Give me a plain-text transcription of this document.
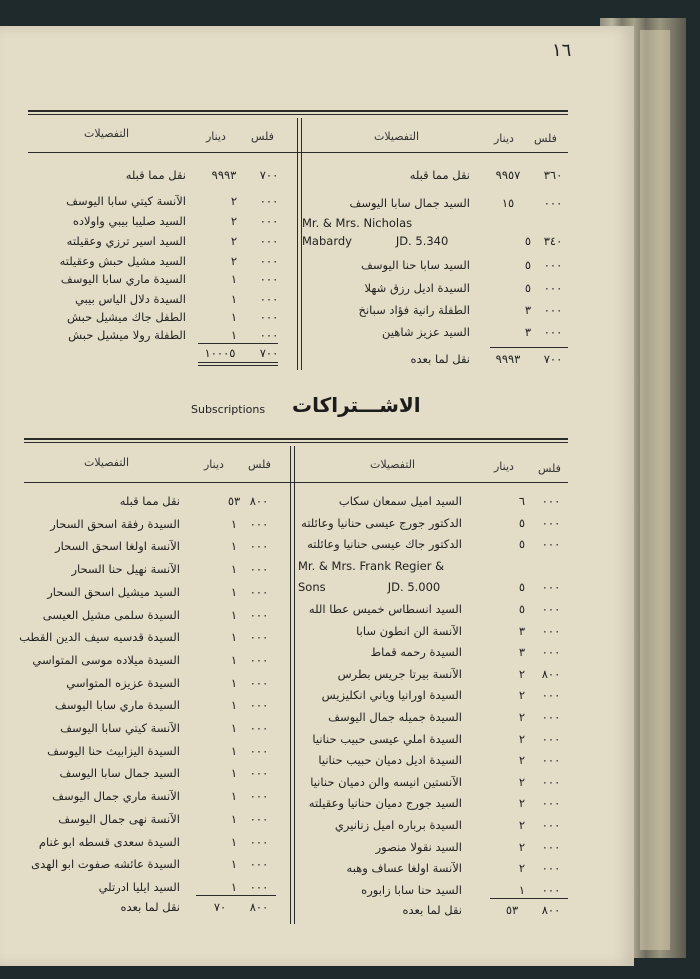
١٦
فلس
دينار
التفصيلات
فلس
دينار
التفصيلات
٣٦٠
٩٩٥٧
نقل مما قبله
٠٠٠
١٥
السيد جمال سابا اليوسف
Mr. & Mrs. Nicholas
٣٤٠
٥
Mabardy            JD. 5.340
٠٠٠
٥
السيد سابا حنا اليوسف
٠٠٠
٥
السيدة اديل رزق شهلا
٠٠٠
٣
الطفلة رانية فؤاد سبانخ
٠٠٠
٣
السيد عزيز شاهين
٧٠٠
٩٩٩٣
نقل لما بعده
٧٠٠
٩٩٩٣
نقل مما قبله
٠٠٠
٢
الآنسة كيتي سابا اليوسف
٠٠٠
٢
السيد صليبا بيبي واولاده
٠٠٠
٢
السيد اسير ترزي وعقيلته
٠٠٠
٢
السيد مشيل حبش وعقيلته
٠٠٠
١
السيدة ماري سابا اليوسف
٠٠٠
١
السيدة دلال الياس بيبي
٠٠٠
١
الطفل جاك ميشيل حبش
٠٠٠
١
الطفلة رولا ميشيل حبش
٧٠٠
١٠٠٠٥
الاشـــتراكات
Subscriptions
فلس
دينار
التفصيلات
فلس
دينار
التفصيلات
٠٠٠
٦
السيد اميل سمعان سكاب
٠٠٠
٥
الدكتور جورج عيسى حنانيا وعائلته
٠٠٠
٥
الدكتور جاك عيسى حنانيا وعائلته
Mr. & Mrs. Frank Regier &
٠٠٠
٥
Sons                 JD. 5.000
٠٠٠
٥
السيد انسطاس خميس عطا الله
٠٠٠
٣
الآنسة الن انطون سابا
٠٠٠
٣
السيدة رحمه قماط
٨٠٠
٢
الآنسة بيرتا جريس بطرس
٠٠٠
٢
السيدة اورانيا وياني انكليزيس
٠٠٠
٢
السيدة جميله جمال اليوسف
٠٠٠
٢
السيدة املي عيسى حبيب حنانيا
٠٠٠
٢
السيدة اديل دميان حبيب حنانيا
٠٠٠
٢
الآنستين انيسه والن دميان حنانيا
٠٠٠
٢
السيد جورج دميان حنانيا وعقيلته
٠٠٠
٢
السيدة برباره اميل زنانيري
٠٠٠
٢
السيد نقولا منصور
٠٠٠
٢
الآنسة اولغا عساف وهبه
٠٠٠
١
السيد حنا سابا زابوره
٨٠٠
٥٣
نقل مما قبله
٠٠٠
١
السيدة رفقة اسحق السحار
٠٠٠
١
الآنسة اولغا اسحق السحار
٠٠٠
١
الآنسة نهيل حنا السحار
٠٠٠
١
السيد ميشيل اسحق السحار
٠٠٠
١
السيدة سلمى مشيل العيسى
٠٠٠
١
السيدة قدسيه سيف الدين القطب
٠٠٠
١
السيدة ميلاده موسى المتواسي
٠٠٠
١
السيدة عزيزه المتواسي
٠٠٠
١
السيدة ماري سابا اليوسف
٠٠٠
١
الآنسة كيتي سابا اليوسف
٠٠٠
١
السيدة اليزابيث حنا اليوسف
٠٠٠
١
السيد جمال سابا اليوسف
٠٠٠
١
الآنسة ماري جمال اليوسف
٠٠٠
١
الآنسة نهى جمال اليوسف
٠٠٠
١
السيدة سعدى قسطه ابو غنام
٠٠٠
١
السيدة عائشه صفوت ابو الهدى
٠٠٠
١
السيد ايليا ادرتلي
٨٠٠
٥٣
نقل لما بعده
٨٠٠
٧٠
نقل لما بعده
